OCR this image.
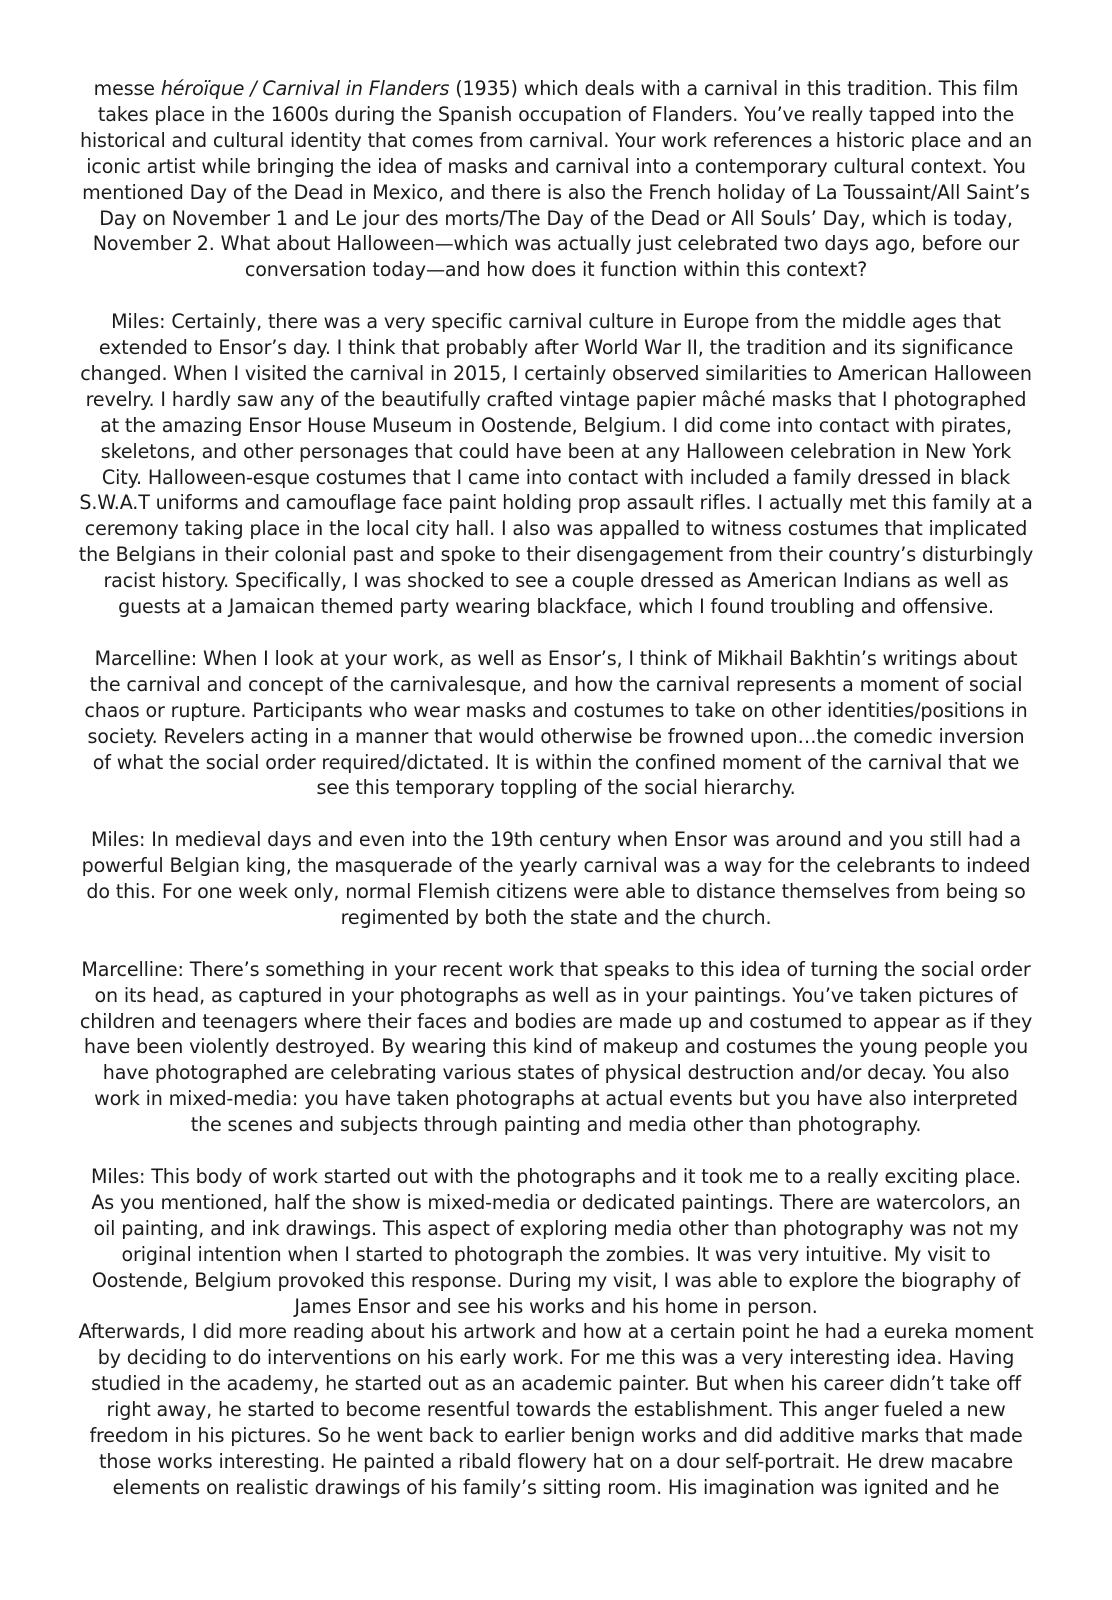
messe héroïque / Carnival in Flanders (1935) which deals with a carnival in this tradition. This film takes place in the 1600s during the Spanish occupation of Flanders. You’ve really tapped into the historical and cultural identity that comes from carnival. Your work references a historic place and an iconic artist while bringing the idea of masks and carnival into a contemporary cultural context. You mentioned Day of the Dead in Mexico, and there is also the French holiday of La Toussaint/All Saint’s Day on November 1 and Le jour des morts/The Day of the Dead or All Souls’ Day, which is today, November 2. What about Halloween—which was actually just celebrated two days ago, before our conversation today—and how does it function within this context?

Miles: Certainly, there was a very specific carnival culture in Europe from the middle ages that extended to Ensor’s day. I think that probably after World War II, the tradition and its significance changed. When I visited the carnival in 2015, I certainly observed similarities to American Halloween revelry. I hardly saw any of the beautifully crafted vintage papier mâché masks that I photographed at the amazing Ensor House Museum in Oostende, Belgium. I did come into contact with pirates, skeletons, and other personages that could have been at any Halloween celebration in New York City. Halloween-esque costumes that I came into contact with included a family dressed in black S.W.A.T uniforms and camouflage face paint holding prop assault rifles. I actually met this family at a ceremony taking place in the local city hall. I also was appalled to witness costumes that implicated the Belgians in their colonial past and spoke to their disengagement from their country’s disturbingly racist history. Specifically, I was shocked to see a couple dressed as American Indians as well as guests at a Jamaican themed party wearing blackface, which I found troubling and offensive.

Marcelline: When I look at your work, as well as Ensor’s, I think of Mikhail Bakhtin’s writings about the carnival and concept of the carnivalesque, and how the carnival represents a moment of social chaos or rupture. Participants who wear masks and costumes to take on other identities/positions in society. Revelers acting in a manner that would otherwise be frowned upon…the comedic inversion of what the social order required/dictated. It is within the confined moment of the carnival that we see this temporary toppling of the social hierarchy.

Miles: In medieval days and even into the 19th century when Ensor was around and you still had a powerful Belgian king, the masquerade of the yearly carnival was a way for the celebrants to indeed do this. For one week only, normal Flemish citizens were able to distance themselves from being so regimented by both the state and the church.

Marcelline: There’s something in your recent work that speaks to this idea of turning the social order on its head, as captured in your photographs as well as in your paintings. You’ve taken pictures of children and teenagers where their faces and bodies are made up and costumed to appear as if they have been violently destroyed. By wearing this kind of makeup and costumes the young people you have photographed are celebrating various states of physical destruction and/or decay. You also work in mixed-media: you have taken photographs at actual events but you have also interpreted the scenes and subjects through painting and media other than photography.

Miles: This body of work started out with the photographs and it took me to a really exciting place. As you mentioned, half the show is mixed-media or dedicated paintings. There are watercolors, an oil painting, and ink drawings. This aspect of exploring media other than photography was not my original intention when I started to photograph the zombies. It was very intuitive. My visit to Oostende, Belgium provoked this response. During my visit, I was able to explore the biography of James Ensor and see his works and his home in person.

Afterwards, I did more reading about his artwork and how at a certain point he had a eureka moment by deciding to do interventions on his early work. For me this was a very interesting idea. Having studied in the academy, he started out as an academic painter. But when his career didn’t take off right away, he started to become resentful towards the establishment. This anger fueled a new freedom in his pictures. So he went back to earlier benign works and did additive marks that made those works interesting. He painted a ribald flowery hat on a dour self-portrait. He drew macabre elements on realistic drawings of his family’s sitting room. His imagination was ignited and he
